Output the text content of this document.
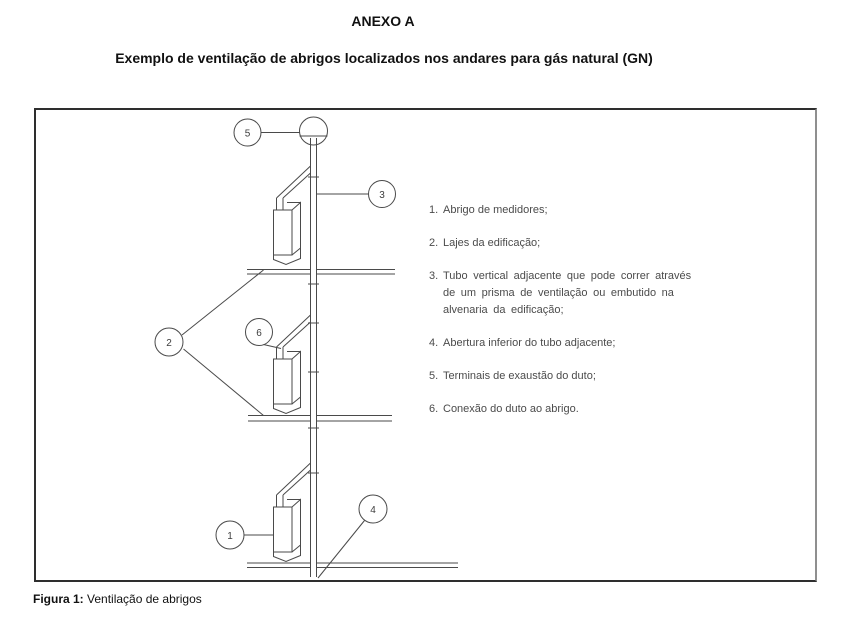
ANEXO A
Exemplo de ventilação de abrigos localizados nos andares para gás natural (GN)
5
3
2
6
1
4
1. Abrigo de medidores;
2. Lajes da edificação;
3. Tubo vertical adjacente que pode correr através
de um prisma de ventilação ou embutido na
alvenaria da edificação;
4. Abertura inferior do tubo adjacente;
5. Terminais de exaustão do duto;
6. Conexão do duto ao abrigo.
Figura 1: Ventilação de abrigos
